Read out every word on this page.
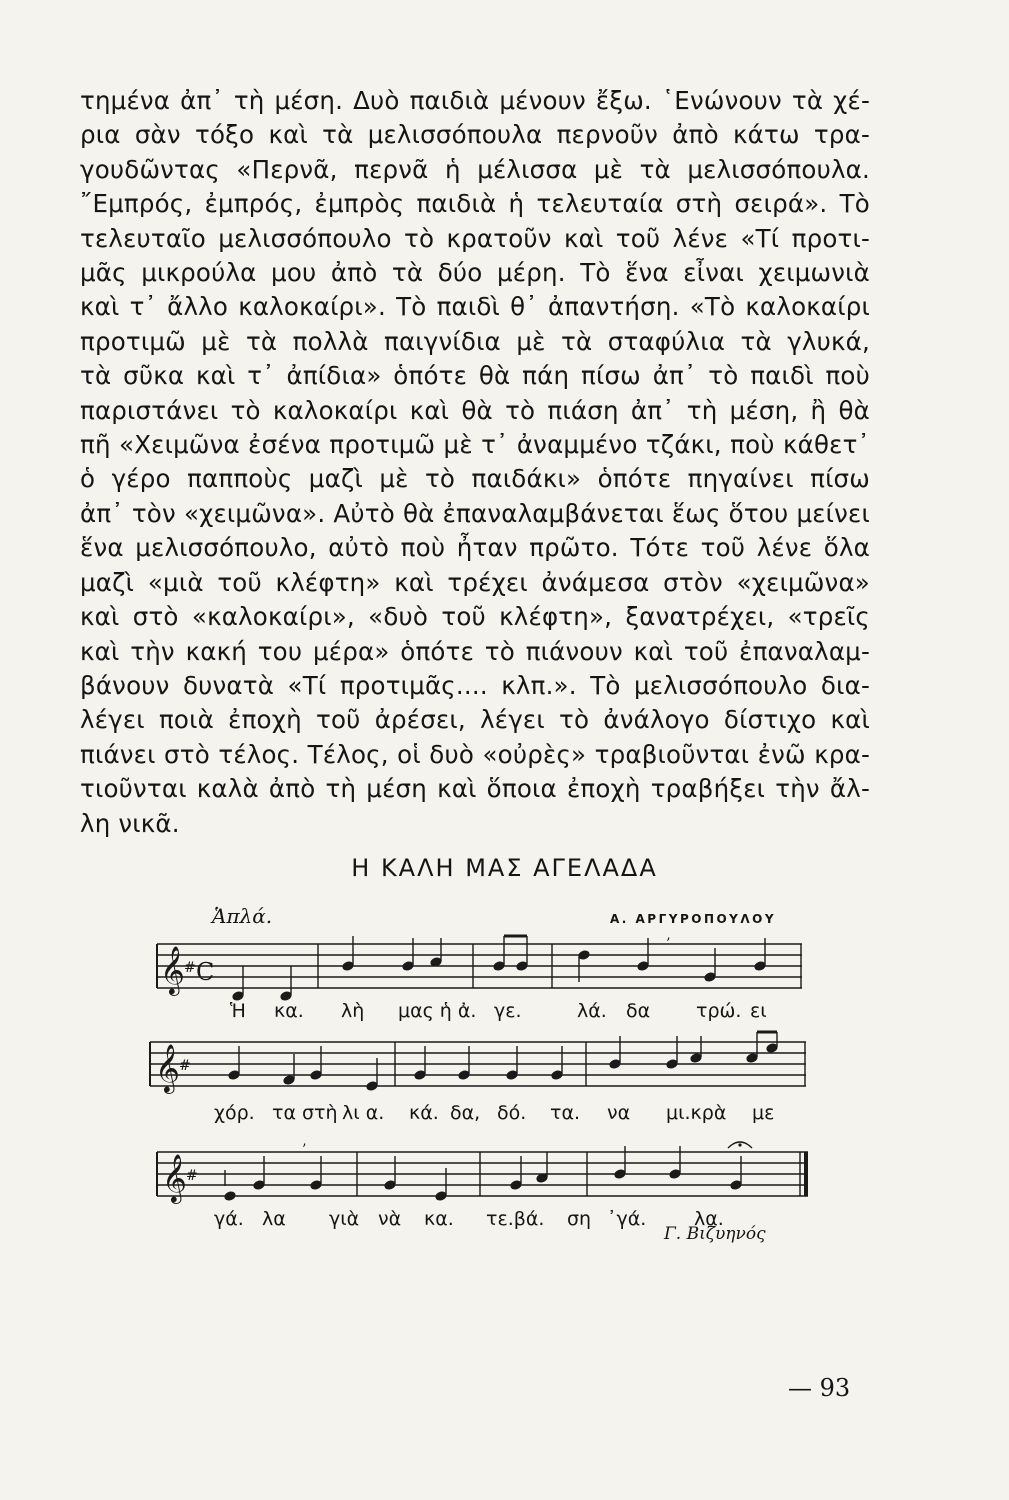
τημένα ἀπ᾿ τὴ μέση. Δυὸ παιδιὰ μένουν ἔξω. ῾Ενώνουν τὰ χέ-
ρια σὰν τόξο καὶ τὰ μελισσόπουλα περνοῦν ἀπὸ κάτω τρα-
γουδῶντας «Περνᾶ, περνᾶ ἡ μέλισσα μὲ τὰ μελισσόπουλα.
῎Εμπρός, ἐμπρός, ἐμπρὸς παιδιὰ ἡ τελευταία στὴ σειρά». Τὸ
τελευταῖο μελισσόπουλο τὸ κρατοῦν καὶ τοῦ λένε «Τί προτι-
μᾶς μικρούλα μου ἀπὸ τὰ δύο μέρη. Τὸ ἕνα εἶναι χειμωνιὰ
καὶ τ᾿ ἄλλο καλοκαίρι». Τὸ παιδὶ θ᾿ ἀπαντήση. «Τὸ καλοκαίρι
προτιμῶ μὲ τὰ πολλὰ παιγνίδια μὲ τὰ σταφύλια τὰ γλυκά,
τὰ σῦκα καὶ τ᾿ ἀπίδια» ὁπότε θὰ πάη πίσω ἀπ᾿ τὸ παιδὶ ποὺ
παριστάνει τὸ καλοκαίρι καὶ θὰ τὸ πιάση ἀπ᾿ τὴ μέση, ἢ θὰ
πῆ «Χειμῶνα ἐσένα προτιμῶ μὲ τ᾿ ἀναμμένο τζάκι, ποὺ κάθετ᾿
ὁ γέρο παπποὺς μαζὶ μὲ τὸ παιδάκι» ὁπότε πηγαίνει πίσω
ἀπ᾿ τὸν «χειμῶνα». Αὐτὸ θὰ ἐπαναλαμβάνεται ἕως ὅτου μείνει
ἕνα μελισσόπουλο, αὐτὸ ποὺ ἦταν πρῶτο. Τότε τοῦ λένε ὅλα
μαζὶ «μιὰ τοῦ κλέφτη» καὶ τρέχει ἀνάμεσα στὸν «χειμῶνα»
καὶ στὸ «καλοκαίρι», «δυὸ τοῦ κλέφτη», ξανατρέχει, «τρεῖς
καὶ τὴν κακή του μέρα» ὁπότε τὸ πιάνουν καὶ τοῦ ἐπαναλαμ-
βάνουν δυνατὰ «Τί προτιμᾶς.... κλπ.». Τὸ μελισσόπουλο δια-
λέγει ποιὰ ἐποχὴ τοῦ ἀρέσει, λέγει τὸ ἀνάλογο δίστιχο καὶ
πιάνει στὸ τέλος. Τέλος, οἱ δυὸ «οὐρὲς» τραβιοῦνται ἐνῶ κρα-
τιοῦνται καλὰ ἀπὸ τὴ μέση καὶ ὅποια ἐποχὴ τραβήξει τὴν ἄλ-
λη νικᾶ.
Η ΚΑΛΗ ΜΑΣ ΑΓΕΛΑΔΑ
Ἁπλά.	Α. ΑΡΓΥΡΟΠΟΥΛΟΥ
𝄞 # C
’
Ἡ κα. λὴ μας ἡ ἀ. γε.	λά. δα τρώ. ει
𝄞 #
χόρ. τα στὴ λι α. κά. δα, δό. τα. να μι.κρὰ με
𝄞 #
’
γά. λα γιὰ νὰ κα. τε.βά. ση ᾿γά.	λα.
Γ. Βιζυηνός
— 93
